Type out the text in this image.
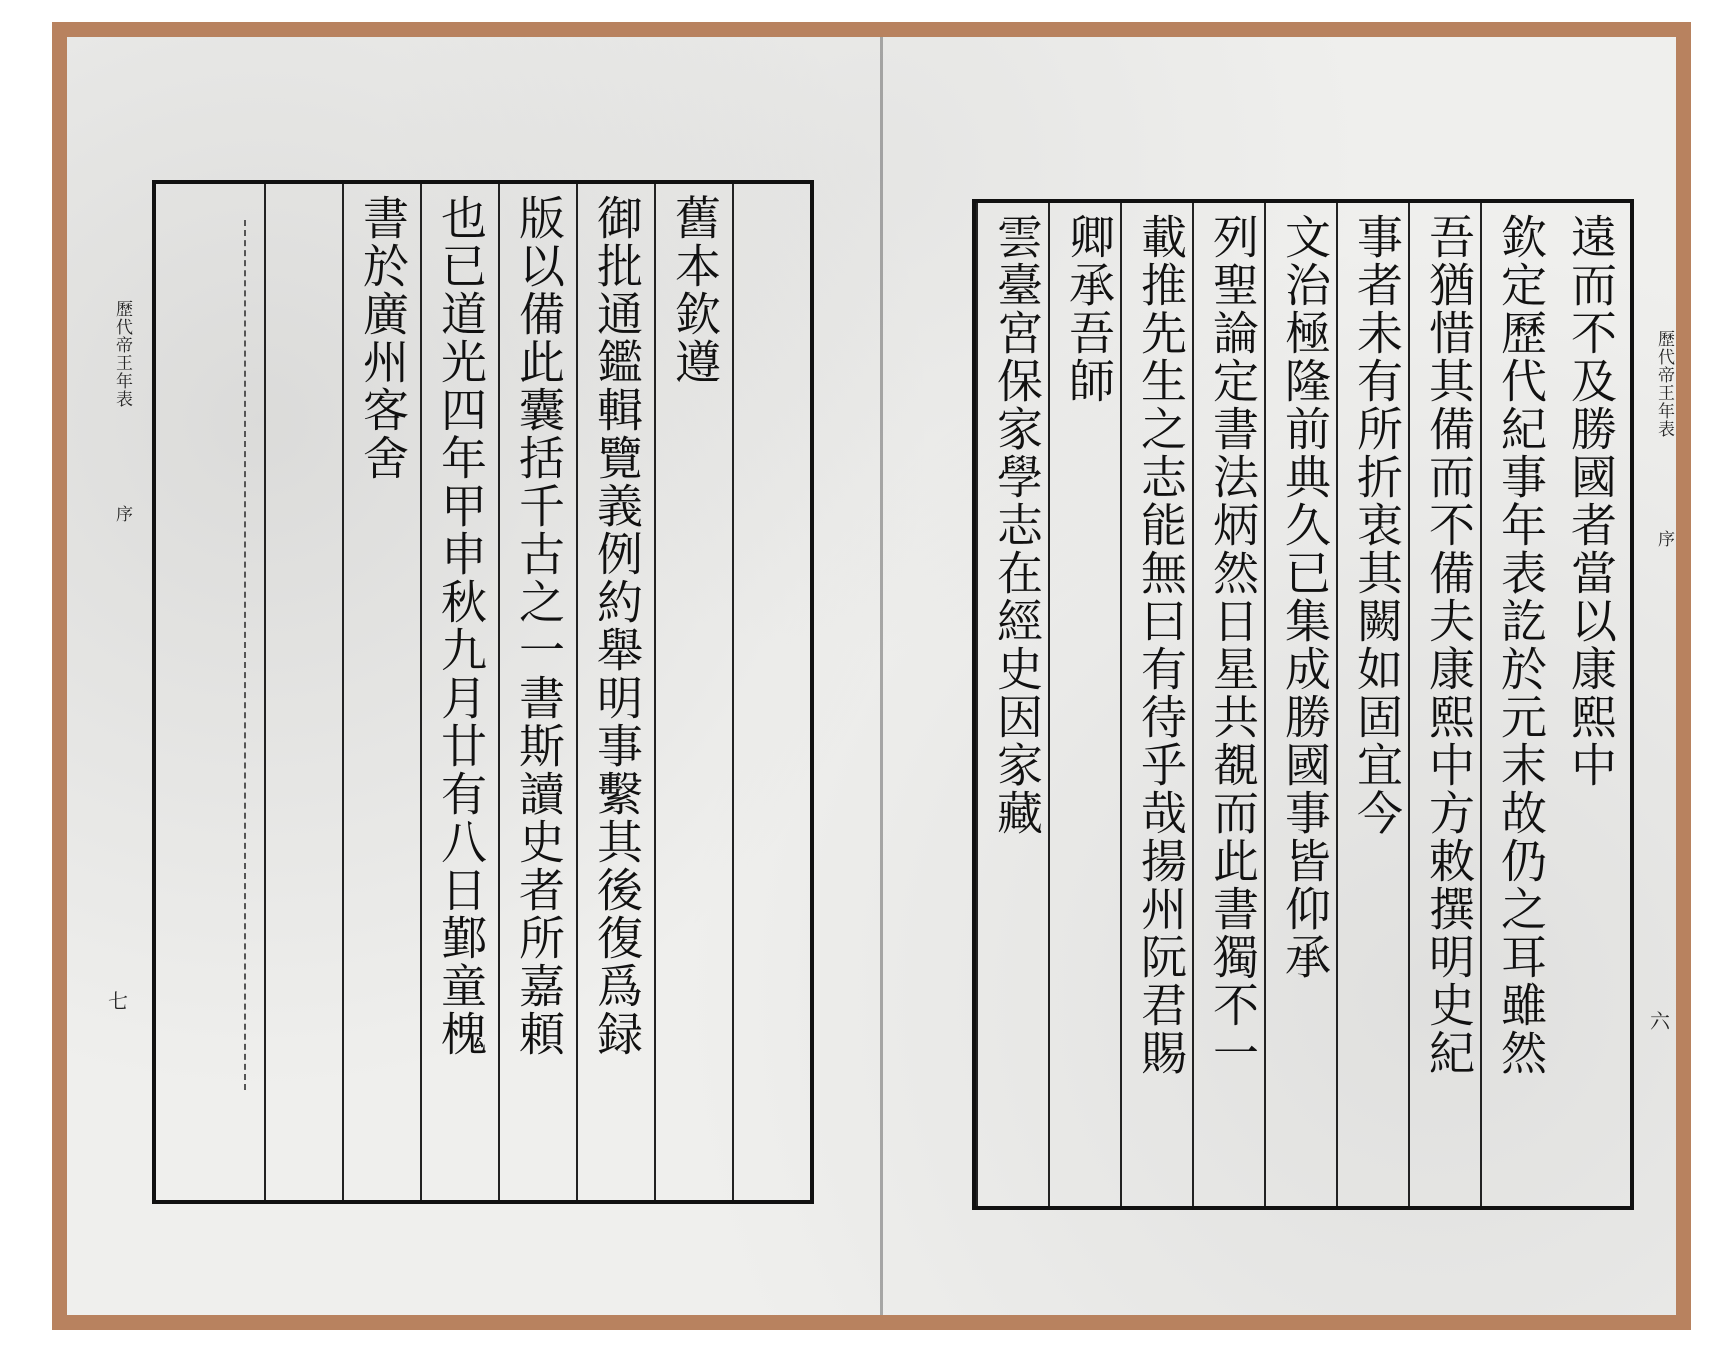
歷代帝王年表
序
七
舊本欽遵
御批通鑑輯覽義例約舉明事繫其後復爲録
版以備此囊括千古之一書斯讀史者所嘉頼
也已道光四年甲申秋九月廿有八日鄞童槐
書於廣州客舍	歷代帝王年表
序
六
遠而不及勝國者當以康熙中
欽定歷代紀事年表訖於元末故仍之耳雖然
吾猶惜其備而不備夫康熙中方敕撰明史紀
事者未有所折衷其闕如固宜今
文治極隆前典久已集成勝國事皆仰承
列聖論定書法炳然日星共覩而此書獨不一
載推先生之志能無曰有待乎哉揚州阮君賜
卿承吾師
雲臺宮保家學志在經史因家藏
